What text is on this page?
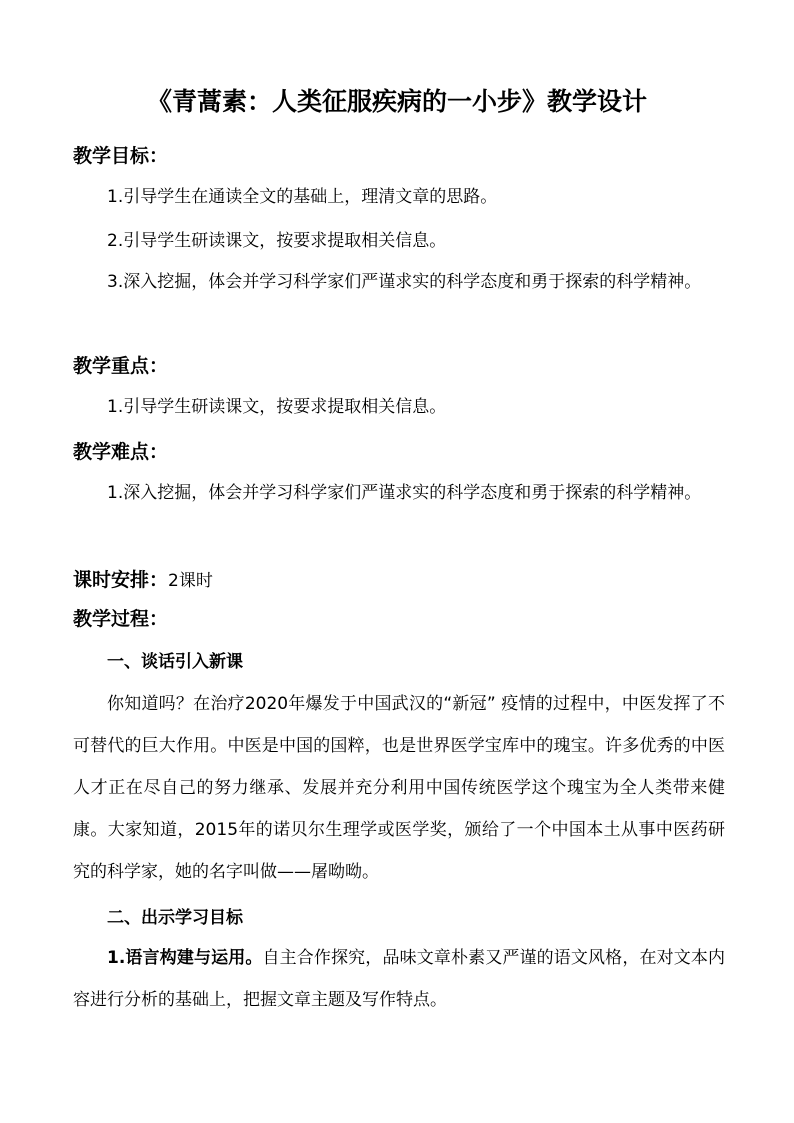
《青蒿素：人类征服疾病的一小步》教学设计
教学目标：
1.引导学生在通读全文的基础上，理清文章的思路。
2.引导学生研读课文，按要求提取相关信息。
3.深入挖掘，体会并学习科学家们严谨求实的科学态度和勇于探索的科学精神。
教学重点：
1.引导学生研读课文，按要求提取相关信息。
教学难点：
1.深入挖掘，体会并学习科学家们严谨求实的科学态度和勇于探索的科学精神。
课时安排：2课时
教学过程：
一、谈话引入新课
你知道吗？在治疗2020年爆发于中国武汉的“新冠” 疫情的过程中，中医发挥了不可替代的巨大作用。中医是中国的国粹，也是世界医学宝库中的瑰宝。许多优秀的中医人才正在尽自己的努力继承、发展并充分利用中国传统医学这个瑰宝为全人类带来健康。大家知道，2015年的诺贝尔生理学或医学奖，颁给了一个中国本土从事中医药研究的科学家，她的名字叫做——屠呦呦。
二、出示学习目标
1.语言构建与运用。自主合作探究，品味文章朴素又严谨的语文风格，在对文本内容进行分析的基础上，把握文章主题及写作特点。
